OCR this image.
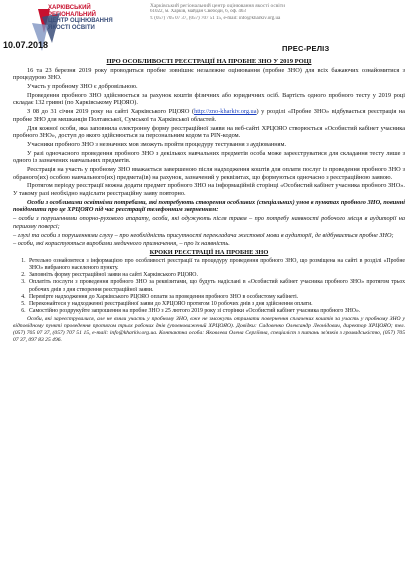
ХАРКІВСЬКИЙ
РЕГІОНАЛЬНИЙ
ЦЕНТР ОЦІНЮВАННЯ
ЯКОСТІ ОСВІТИ
10.07.2018
Харківський регіональний центр оцінювання якості освіти
61022, м. Харків, майдан Свободи, 6, оф. 463
т. (057) 705 07 37, (057) 707 51 15, e-mail: info@kharkiv.org.ua
ПРЕС-РЕЛІЗ
ПРО ОСОБЛИВОСТІ РЕЄСТРАЦІЇ НА ПРОБНЕ ЗНО У 2019 РОЦІ

16 та 23 березня 2019 року проводиться пробне зовнішнє незалежне оцінювання (пробне ЗНО) для всіх бажаючих ознайомитися з процедурою ЗНО.

Участь у пробному ЗНО є добровільною.

Проведення пробного ЗНО здійснюється за рахунок коштів фізичних або юридичних осіб. Вартість одного пробного тесту у 2019 році складає 132 гривні (по Харківському РЦОЯО).

З 08 до 31 січня 2019 року на сайті Харківського РЦОЯО (http://zno-kharkiv.org.ua) у розділі «Пробне ЗНО» відбувається реєстрація на пробне ЗНО для мешканців Полтавської, Сумської та Харківської областей.

Для кожної особи, яка заповнила електронну форму реєстраційної заяви на веб-сайті ХРЦОЯО створюється «Особистий кабінет учасника пробного ЗНО», доступ до якого здійснюється за персональним кодом та PIN-кодом.

Учасники пробного ЗНО з незначних мов зможуть пройти процедуру тестування з аудіюванням.

У разі одночасного проведення пробного ЗНО з декількох навчальних предметів особа може зареєструватися для складання тесту лише з одного із зазначених навчальних предметів.

Реєстрація на участь у пробному ЗНО вважається завершеною після надходження коштів для оплати послуг із проведення пробного ЗНО з обраного(их) особою навчального(их) предмета(ів) на рахунок, зазначений у реквізитах, що формуються одночасно з реєстраційною заявою.

Протягом періоду реєстрації можна додати предмет пробного ЗНО на інформаційній сторінці «Особистий кабінет учасника пробного ЗНО». У такому разі необхідно надіслати реєстраційну заяву повторно.

Особи з особливими освітніми потребами, які потребують створення особливих (спеціальних) умов в пунктах пробного ЗНО, повинні повідомити про це ХРЦОЯО під час реєстрації телефонним зверненням:

– особи з порушеннями опорно-рухового апарату, особи, які одужують після травм – про потребу наявності робочого місця в аудиторії на першому поверсі;

– глухі та особи з порушеннями слуху – про необхідність присутності перекладача жестової мови в аудиторії, де відбувається пробне ЗНО;

– особи, які користуються виробами медичного призначення, – про їх наявність.

КРОКИ РЕЄСТРАЦІЇ НА ПРОБНЕ ЗНО
1. Ретельно ознайомтеся з інформацією про особливості реєстрації та процедуру проведення пробного ЗНО, що розміщена на сайті в розділі «Пробне ЗНО» вибраного населеного пункту.
2. Заповніть форму реєстраційної заяви на сайті Харківського РЦОЯО.
3. Оплатіть послуги з проведення пробного ЗНО за реквізитами, що будуть надіслані в «Особистий кабінет учасника пробного ЗНО» протягом трьох робочих днів з дня створення реєстраційної заяви.
4. Перевірте надходження до Харківського РЦОЯО оплати за проведення пробного ЗНО в особистому кабінеті.
5. Переконайтеся у надходженні реєстраційної заяви до ХРЦОЯО протягом 10 робочих днів з дня здійснення оплати.
6. Самостійно роздрукуйте запрошення на пробне ЗНО з 25 лютого 2019 року зі сторінки «Особистий кабінет учасника пробного ЗНО».
Особи, які зареєструвалися, але не взяли участь у пробному ЗНО, вже не зможуть отримати повернення сплачених коштів за участь у пробному ЗНО у відповідному пункті проведення протягом трьох робочих днів (уповноважений ХРЦОЯО). Довідки: Садовенко Олександр Леонідович, директор ХРЦОЯО; тел. (057) 705 07 37, (057) 707 51 15, e-mail: info@kharkiv.org.ua. Контактна особа: Яковлева Олена Сергіївна, спеціаліст з питань зв'язків з громадськістю, (057) 705 07 37, 097 83 25 496.
